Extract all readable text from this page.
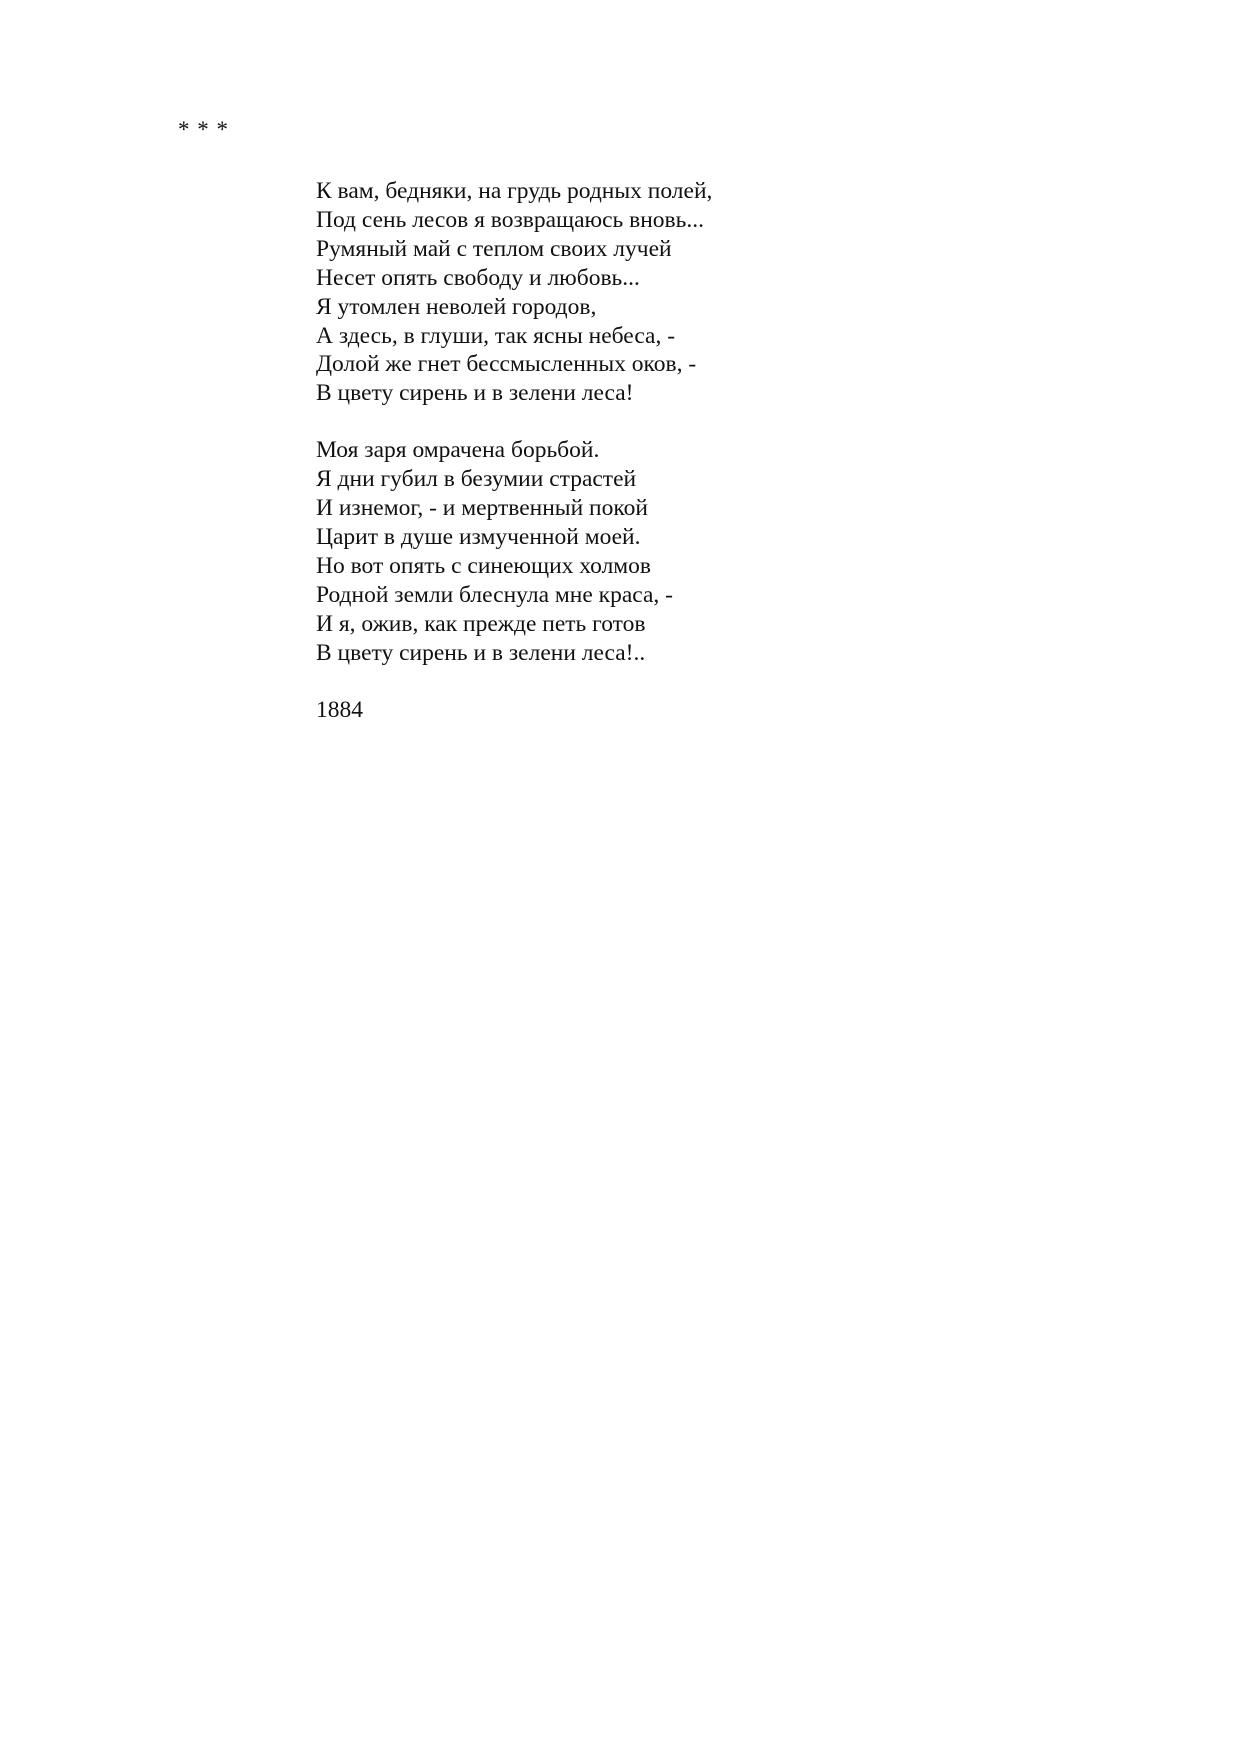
* * *
К вам, бедняки, на грудь родных полей,
Под сень лесов я возвращаюсь вновь...
Румяный май с теплом своих лучей
Несет опять свободу и любовь...
Я утомлен неволей городов,
А здесь, в глуши, так ясны небеса, -
Долой же гнет бессмысленных оков, -
В цвету сирень и в зелени леса!
Моя заря омрачена борьбой.
Я дни губил в безумии страстей
И изнемог, - и мертвенный покой
Царит в душе измученной моей.
Но вот опять с синеющих холмов
Родной земли блеснула мне краса, -
И я, ожив, как прежде петь готов
В цвету сирень и в зелени леса!..
1884
